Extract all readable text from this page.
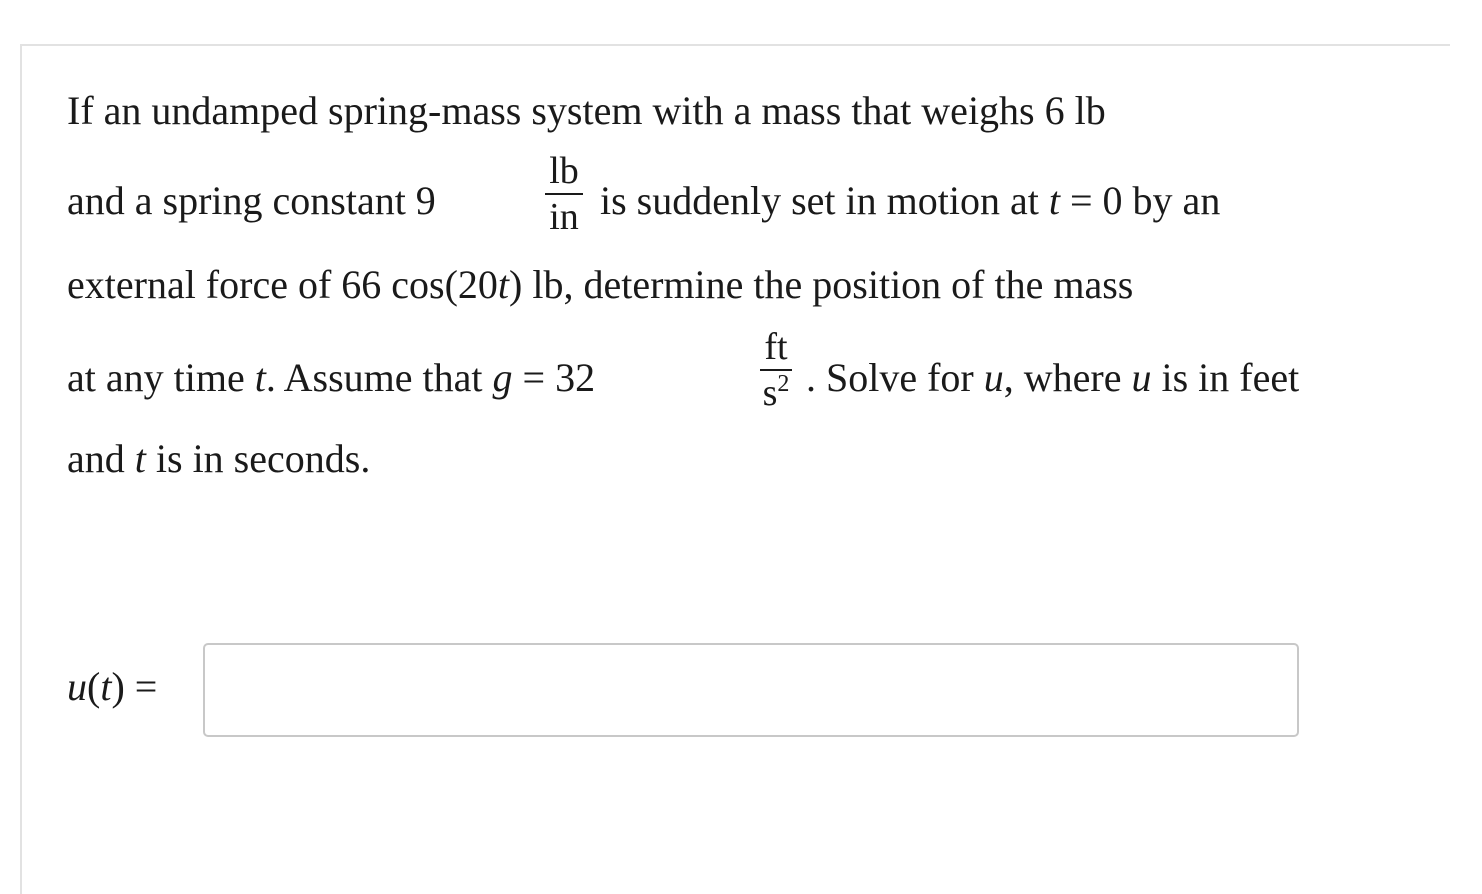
If an undamped spring-mass system with a mass that weighs 6 lb
and a spring constant 9
lb
in is suddenly set in motion at t = 0 by an
external force of 66 cos(20t) lb, determine the position of the mass
at any time t. Assume that g = 32
ft
$s^2$ . Solve for u, where u is in feet
and t is in seconds.
u(t) =
